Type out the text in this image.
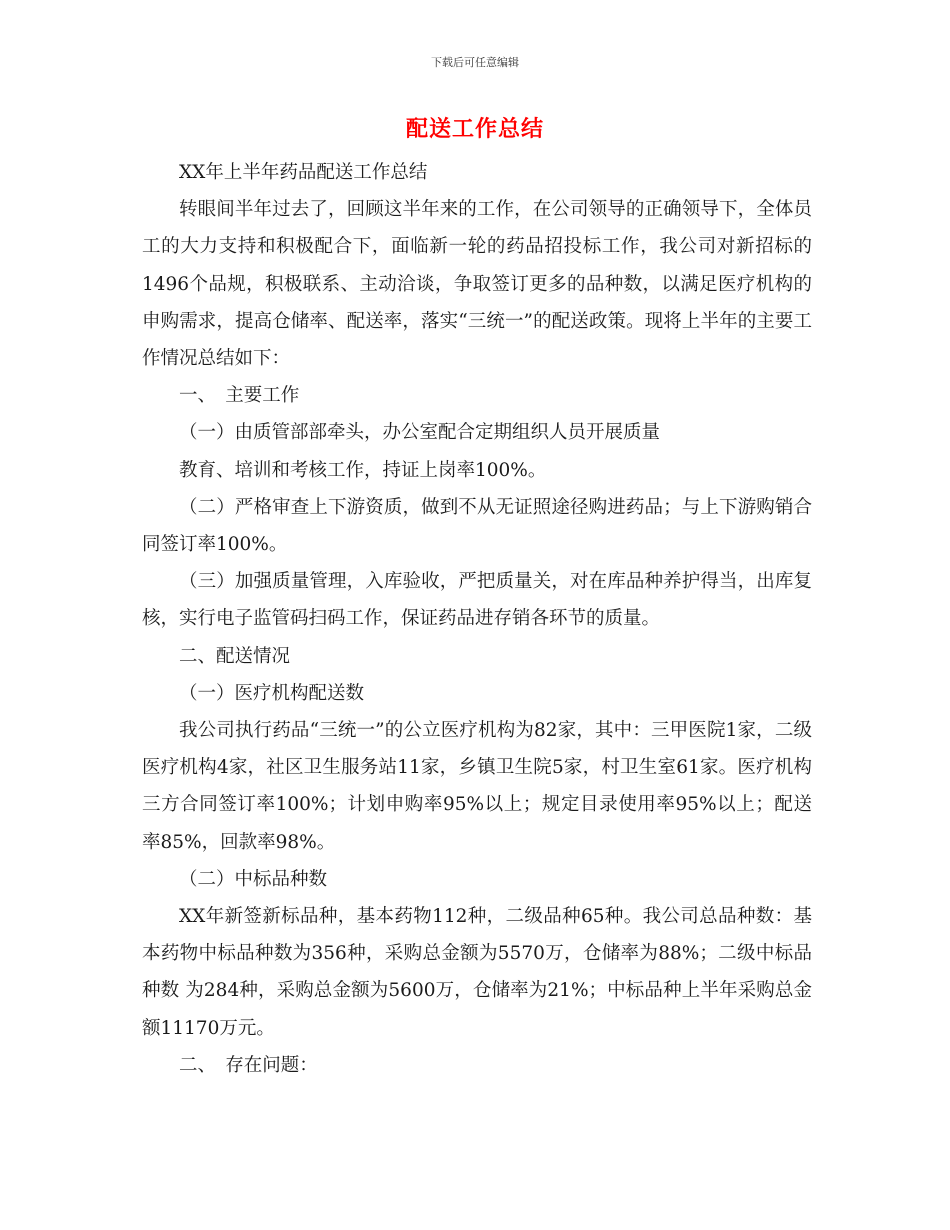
下载后可任意编辑
配送工作总结

XX年上半年药品配送工作总结

转眼间半年过去了，回顾这半年来的工作，在公司领导的正确领导下，全体员工的大力支持和积极配合下，面临新一轮的药品招投标工作，我公司对新招标的 1496个品规，积极联系、主动洽谈，争取签订更多的品种数，以满足医疗机构的申购需求，提高仓储率、配送率，落实“三统一”的配送政策。现将上半年的主要工作情况总结如下：

一、　主要工作

（一）由质管部部牵头，办公室配合定期组织人员开展质量

教育、培训和考核工作，持证上岗率100%。

（二）严格审查上下游资质，做到不从无证照途径购进药品；与上下游购销合同签订率100%。

（三）加强质量管理，入库验收，严把质量关，对在库品种养护得当，出库复核，实行电子监管码扫码工作，保证药品进存销各环节的质量。

二、配送情况

（一）医疗机构配送数

我公司执行药品“三统一”的公立医疗机构为82家，其中：三甲医院1家，二级医疗机构4家，社区卫生服务站11家，乡镇卫生院5家，村卫生室61家。医疗机构三方合同签订率100%；计划申购率95%以上；规定目录使用率95%以上；配送率85%，回款率98%。

（二）中标品种数

XX年新签新标品种，基本药物112种，二级品种65种。我公司总品种数：基本药物中标品种数为356种，采购总金额为5570万，仓储率为88%；二级中标品种数 为284种，采购总金额为5600万，仓储率为21%；中标品种上半年采购总金额11170万元。

二、　存在问题：
